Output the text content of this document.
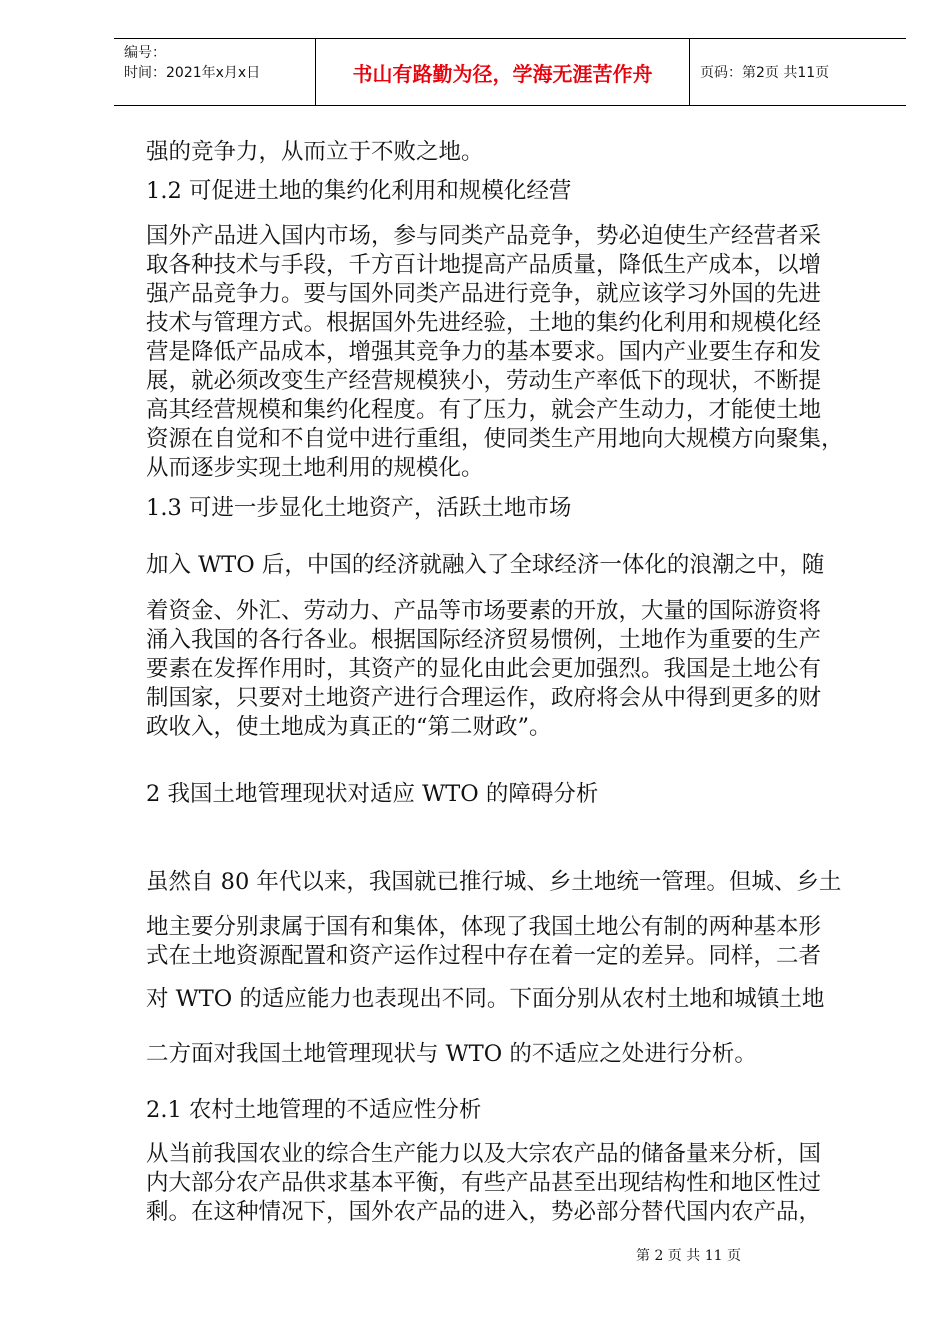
编号：
时间：2021年x月x日	书山有路勤为径，学海无涯苦作舟	页码：第2页 共11页
强的竞争力，从而立于不败之地。
1.2 可促进土地的集约化利用和规模化经营
国外产品进入国内市场，参与同类产品竞争，势必迫使生产经营者采
取各种技术与手段，千方百计地提高产品质量，降低生产成本，以增
强产品竞争力。要与国外同类产品进行竞争，就应该学习外国的先进
技术与管理方式。根据国外先进经验，土地的集约化利用和规模化经
营是降低产品成本，增强其竞争力的基本要求。国内产业要生存和发
展，就必须改变生产经营规模狭小，劳动生产率低下的现状，不断提
高其经营规模和集约化程度。有了压力，就会产生动力，才能使土地
资源在自觉和不自觉中进行重组，使同类生产用地向大规模方向聚集，
从而逐步实现土地利用的规模化。
1.3 可进一步显化土地资产，活跃土地市场
加入 WTO 后，中国的经济就融入了全球经济一体化的浪潮之中，随
着资金、外汇、劳动力、产品等市场要素的开放，大量的国际游资将
涌入我国的各行各业。根据国际经济贸易惯例，土地作为重要的生产
要素在发挥作用时，其资产的显化由此会更加强烈。我国是土地公有
制国家，只要对土地资产进行合理运作，政府将会从中得到更多的财
政收入，使土地成为真正的“第二财政”。
2 我国土地管理现状对适应 WTO 的障碍分析
虽然自 80 年代以来，我国就已推行城、乡土地统一管理。但城、乡土
地主要分别隶属于国有和集体，体现了我国土地公有制的两种基本形
式在土地资源配置和资产运作过程中存在着一定的差异。同样，二者
对 WTO 的适应能力也表现出不同。下面分别从农村土地和城镇土地
二方面对我国土地管理现状与 WTO 的不适应之处进行分析。
2.1 农村土地管理的不适应性分析
从当前我国农业的综合生产能力以及大宗农产品的储备量来分析，国
内大部分农产品供求基本平衡，有些产品甚至出现结构性和地区性过
剩。在这种情况下，国外农产品的进入，势必部分替代国内农产品，
第 2 页 共 11 页
